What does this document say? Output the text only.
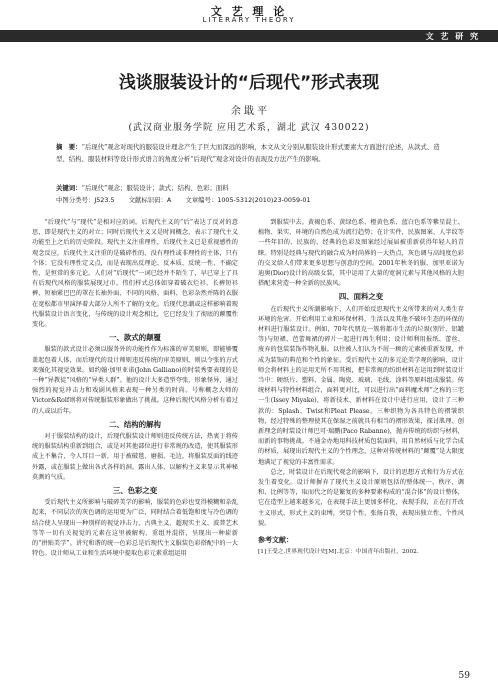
文 艺 理 论
LITERARY THEORY
文 艺 研 究
浅谈服装设计的“后现代”形式表现
余 戢 平
(武汉商业服务学院 应用艺术系，湖北 武汉 430022)
摘　要：“后现代”观念对现代的服装设计理念产生了巨大而深远的影响，本文从文分别从服装设计形式要素大方面进行论述，从款式、造型、结构、服装材料等设计形式语言的角度分析“后现代”观念对设计的表现及方法产生的影响。
关键词：“后现代”观念；服装设计；款式；结构、色彩；面料
中图分类号：J523.5 文献标识码：A 文章编号：1005-5312(2010)23-0059-01

“后现代”与“现代”是相对应的词。后现代主义的“后”表达了反对的意思，即是现代主义的对立；同时后现代主义又是时间概念，表示了现代主义功能至上之后的历史阶段。现代主义注重理性，后现代主义已是重视感性的观念反应，后现代主义注重的是破碎性的、没有理性或非理性的主体，只有个体；它没有理性定义点，而是表现出反理论、反本质、反统一性、不确定性、是恒常的多元论。人们对“后现代”一词已经并不陌生了，早已穿上了具有后现代风格的服装展现过市。伟们样式总体如穿着破衣烂衫、长裤短衫裤、短袖紧巴巴的罩在长袖外面、不同的风格、面料、色彩杂然并陈的衣服在宽松都市里演绎着大部分人所不了解的文化。后现代思潮或这样影响着现代服装设计语言变化，与传统的设计观念相比，它已经发生了彻底的颠覆性变化。

一、款式的颠覆

服装的款式设计必须以服务外的功能性作为标准的审美原则，即能够覆盖起包着人体，而后现代的设计师则违反传统的审美原则，则以令张的方式来强化其视觉效果。如约翰·加里亚诺(John Galliano)的时装秀要表现的是一种“异教徒”风格的“异类人群”。他的设计大多造型夸张，形象怪异，通过强烈的视觉冲击力和戏剧风格来表现一种另类的时尚。号称概念大师的Victor&Rolf则将对传统服装形象做出了挑战。这种后现代风格分析有着过的人或以后年。

二、结构的解构

对于服装结构的设计，后现代服装设计师则违反传统方法，热衷于将传统的服装结构重新到组合，或是对其他部位进行非常规的改造，使其服装形成上不集合，令人耳目一新，用于被破毯、磨损、毛边，将服装反面的线迹外露，或在服装上做出各式各样的洞。露出人体，以解构主义来显示其神秘莫测的气质。

三、色彩之变

受后现代主义所影响与破碎美学的影响，服装的色彩也变得模糊和杂乱起来，不同层次的灰色调的运用更为广泛，同时结合着低饱和度与冷色调的结合使人呈现出一种别样的视觉冲击力，古典主义、超现实主义、波普艺术等等一切有关视觉的元素在这里被解构、重组并混搭，呈现出一种崭新的“拼贴美学”。讲究和谐的统一色彩总是后现代主义服装色彩搭配中的一大特色。设计师从工业和生活环境中提取色彩元素重组运用

到服装中去。黄褐色系、黄绿色系、橙黄色系、蓝白色系等紫星混土、植物、果实、环境的自然色成为流行趋势；在计实件，民族图案、人字纹等一些年旧的、民族的、经典的色彩及图案经过展届被重新获得年轻人的青睐。特别是经典与现代的融合成为时尚界的一大热点，灰色调与高纯度色彩的交叉给人们带来更多思想与创意的空间。2001年秋冬的服，加里亚诺为迪奥(Dior)设计的高级女装，其中运用了大量的宽洞元素与其他风格的大胆搭配来营造一种全新的民族风。

四、面料之变

在后现代主义所潮影响下，人们开始反思现代主义所带来的对人类生存环境的危害。开始利用工业和环保材料，生活以及其他不破坏生态的环保的材料进行服装设计。例如，70年代朋克一簇将都市生活的垃圾(别针、铝罐等)与短裙、芭蕾舞裙的碎片一起进行再生利用；设计师利用报纸、蕾丝、废弃的包装装饰作物礼服。以往被人们认为不屑一顾的元素被重新发现，并成为装饰的典范和个性的象征。受后现代主义的多元论美学观的影响，设计师会将材料上的运用无所不用其极，把非常规的纺织材料在运用到时装设计当中：硬纸片、塑料、金属、陶瓷、玻璃、毛线、涂料等原料组成服装。传统材料与特性材料组合，面料更对比，可以进行出“面料魔术师”之称的三宅一生(Issey Miyake)，将新技术、新材料在设计中进行应用，设计了三种款的：Splash、Twist和Pleat Please。三种织物为各具特色的褶皱织物，经过特殊的整理使其在保湿之前就具有相当的褶形效果，探讨肌理、创新理念的时装设计师巴可·瑞鹏(Paco Rabanne)，抛弃传统的纺织与材料，而新的事物挑战。不通金办地用科技材质包装面料，用自然材质与化学合成的材质，展现出后现代主义的个性理念，这种对传统材料的“颠覆”是大限度地满足了视觉的丰富性需求。

总之，时装设计在后现代观念的影响下，设计的思想方式和行为方式在发生着变化。设计师摒弃了现代主义设计原则包括的整体统一、秩序、调和、比例等等，取而代之的是繁复的多种要素构成的“混合体”的设计整体，它在造型上越来越多元，在表现手法上更加多样化、表现手段，正在打开改主义形式、形式主义的束缚，突显个性、张扬自我，表现出独立性、个性风貌。

参考文献：

[1]王受之.世界现代设计史[M].北京：中国青年出版社，2002.

59
